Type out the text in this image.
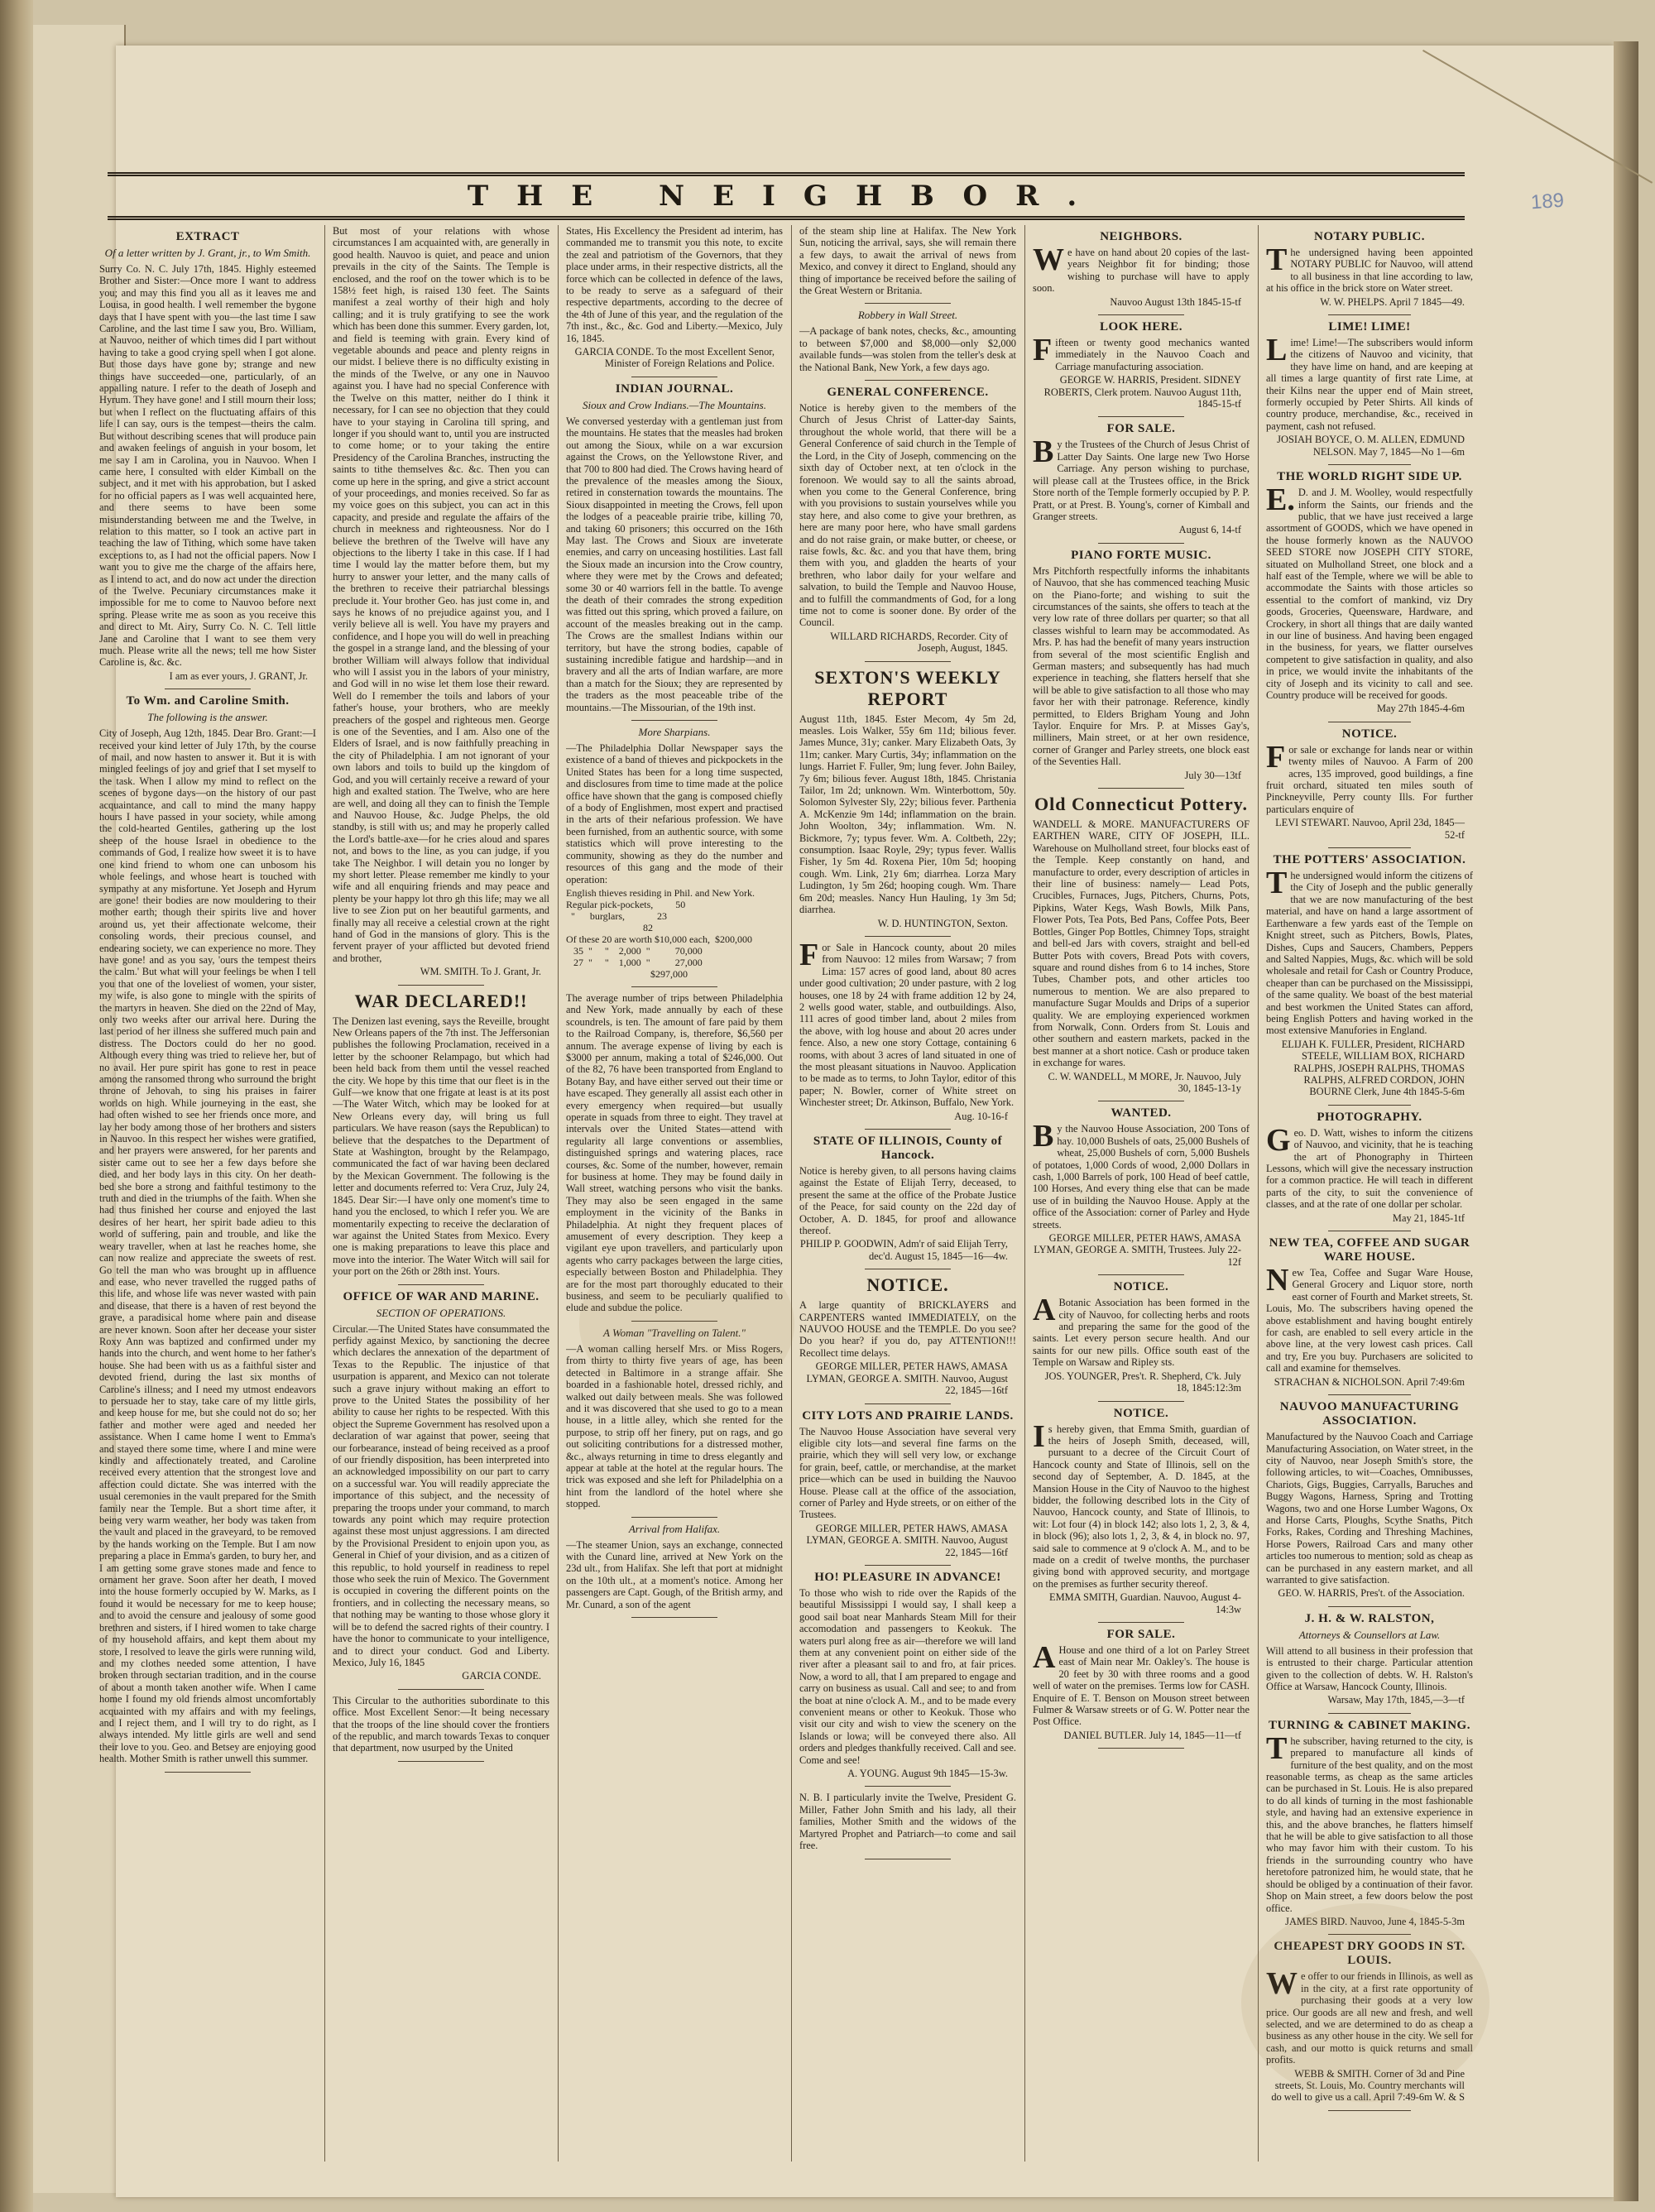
189
THE NEIGHBOR.
EXTRACT
Of a letter written by J. Grant, jr., to Wm Smith.

Surry Co. N. C. July 17th, 1845. Highly esteemed Brother and Sister:—Once more I want to address you; and may this find you all as it leaves me and Louisa, in good health. I well remember the bygone days that I have spent with you—the last time I saw Caroline, and the last time I saw you, Bro. William, at Nauvoo, neither of which times did I part without having to take a good crying spell when I got alone. But those days have gone by; strange and new things have succeeded—one, particularly, of an appalling nature. I refer to the death of Joseph and Hyrum. They have gone! and I still mourn their loss; but when I reflect on the fluctuating affairs of this life I can say, ours is the tempest—theirs the calm. But without describing scenes that will produce pain and awaken feelings of anguish in your bosom, let me say I am in Carolina, you in Nauvoo. When I came here, I consulted with elder Kimball on the subject, and it met with his approbation, but I asked for no official papers as I was well acquainted here, and there seems to have been some misunderstanding between me and the Twelve, in relation to this matter, so I took an active part in teaching the law of Tithing, which some have taken exceptions to, as I had not the official papers. Now I want you to give me the charge of the affairs here, as I intend to act, and do now act under the direction of the Twelve. Pecuniary circumstances make it impossible for me to come to Nauvoo before next spring. Please write me as soon as you receive this and direct to Mt. Airy, Surry Co. N. C. Tell little Jane and Caroline that I want to see them very much. Please write all the news; tell me how Sister Caroline is, &c. &c.

I am as ever yours, J. GRANT, Jr.
To Wm. and Caroline Smith.
The following is the answer.

City of Joseph, Aug 12th, 1845. Dear Bro. Grant:—I received your kind letter of July 17th, by the course of mail, and now hasten to answer it. But it is with mingled feelings of joy and grief that I set myself to the task. When I allow my mind to reflect on the scenes of bygone days—on the history of our past acquaintance, and call to mind the many happy hours I have passed in your society, while among the cold-hearted Gentiles, gathering up the lost sheep of the house Israel in obedience to the commands of God, I realize how sweet it is to have one kind friend to whom one can unbosom his whole feelings, and whose heart is touched with sympathy at any misfortune. Yet Joseph and Hyrum are gone! their bodies are now mouldering to their mother earth; though their spirits live and hover around us, yet their affectionate welcome, their consoling words, their precious counsel, and endearing society, we can experience no more. They have gone! and as you say, 'ours the tempest theirs the calm.' But what will your feelings be when I tell you that one of the loveliest of women, your sister, my wife, is also gone to mingle with the spirits of the martyrs in heaven. She died on the 22nd of May, only two weeks after our arrival here. During the last period of her illness she suffered much pain and distress. The Doctors could do her no good. Although every thing was tried to relieve her, but of no avail. Her pure spirit has gone to rest in peace among the ransomed throng who surround the bright throne of Jehovah, to sing his praises in fairer worlds on high. While journeying in the east, she had often wished to see her friends once more, and lay her body among those of her brothers and sisters in Nauvoo. In this respect her wishes were gratified, and her prayers were answered, for her parents and sister came out to see her a few days before she died, and her body lays in this city. On her death-bed she bore a strong and faithful testimony to the truth and died in the triumphs of the faith. When she had thus finished her course and enjoyed the last desires of her heart, her spirit bade adieu to this world of suffering, pain and trouble, and like the weary traveller, when at last he reaches home, she can now realize and appreciate the sweets of rest. Go tell the man who was brought up in affluence and ease, who never travelled the rugged paths of this life, and whose life was never wasted with pain and disease, that there is a haven of rest beyond the grave, a paradisical home where pain and disease are never known. Soon after her decease your sister Roxy Ann was baptized and confirmed under my hands into the church, and went home to her father's house. She had been with us as a faithful sister and devoted friend, during the last six months of Caroline's illness; and I need my utmost endeavors to persuade her to stay, take care of my little girls, and keep house for me, but she could not do so; her father and mother were aged and needed her assistance. When I came home I went to Emma's and stayed there some time, where I and mine were kindly and affectionately treated, and Caroline received every attention that the strongest love and affection could dictate. She was interred with the usual ceremonies in the vault prepared for the Smith family near the Temple. But a short time after, it being very warm weather, her body was taken from the vault and placed in the graveyard, to be removed by the hands working on the Temple. But I am now preparing a place in Emma's garden, to bury her, and I am getting some grave stones made and fence to ornament her grave. Soon after her death, I moved into the house formerly occupied by W. Marks, as I found it would be necessary for me to keep house; and to avoid the censure and jealousy of some good brethren and sisters, if I hired women to take charge of my household affairs, and kept them about my store, I resolved to leave the girls were running wild, and my clothes needed some attention, I have broken through sectarian tradition, and in the course of about a month taken another wife. When I came home I found my old friends almost uncomfortably acquainted with my affairs and with my feelings, and I reject them, and I will try to do right, as I always intended. My little girls are well and send their love to you. Geo. and Betsey are enjoying good health. Mother Smith is rather unwell this summer.

But most of your relations with whose circumstances I am acquainted with, are generally in good health. Nauvoo is quiet, and peace and union prevails in the city of the Saints. The Temple is enclosed, and the roof on the tower which is to be 158½ feet high, is raised 130 feet. The Saints manifest a zeal worthy of their high and holy calling; and it is truly gratifying to see the work which has been done this summer. Every garden, lot, and field is teeming with grain. Every kind of vegetable abounds and peace and plenty reigns in our midst. I believe there is no difficulty existing in the minds of the Twelve, or any one in Nauvoo against you. I have had no special Conference with the Twelve on this matter, neither do I think it necessary, for I can see no objection that they could have to your staying in Carolina till spring, and longer if you should want to, until you are instructed to come home; or to your taking the entire Presidency of the Carolina Branches, instructing the saints to tithe themselves &c. &c. Then you can come up here in the spring, and give a strict account of your proceedings, and monies received. So far as my voice goes on this subject, you can act in this capacity, and preside and regulate the affairs of the church in meekness and righteousness. Nor do I believe the brethren of the Twelve will have any objections to the liberty I take in this case. If I had time I would lay the matter before them, but my hurry to answer your letter, and the many calls of the brethren to receive their patriarchal blessings preclude it. Your brother Geo. has just come in, and says he knows of no prejudice against you, and I verily believe all is well. You have my prayers and confidence, and I hope you will do well in preaching the gospel in a strange land, and the blessing of your brother William will always follow that individual who will I assist you in the labors of your ministry, and God will in no wise let them lose their reward. Well do I remember the toils and labors of your father's house, your brothers, who are meekly preachers of the gospel and righteous men. George is one of the Seventies, and I am. Also one of the Elders of Israel, and is now faithfully preaching in the city of Philadelphia. I am not ignorant of your own labors and toils to build up the kingdom of God, and you will certainly receive a reward of your high and exalted station. The Twelve, who are here are well, and doing all they can to finish the Temple and Nauvoo House, &c. Judge Phelps, the old standby, is still with us; and may he properly called the Lord's battle-axe—for he cries aloud and spares not, and bows to the line, as you can judge, if you take The Neighbor. I will detain you no longer by my short letter. Please remember me kindly to your wife and all enquiring friends and may peace and plenty be your happy lot thro gh this life; may we all live to see Zion put on her beautiful garments, and finally may all receive a celestial crown at the right hand of God in the mansions of glory. This is the fervent prayer of your afflicted but devoted friend and brother,

WM. SMITH. To J. Grant, Jr.
WAR DECLARED!!

The Denizen last evening, says the Reveille, brought New Orleans papers of the 7th inst. The Jeffersonian publishes the following Proclamation, received in a letter by the schooner Relampago, but which had been held back from them until the vessel reached the city. We hope by this time that our fleet is in the Gulf—we know that one frigate at least is at its post—The Water Witch, which may be looked for at New Orleans every day, will bring us full particulars. We have reason (says the Republican) to believe that the despatches to the Department of State at Washington, brought by the Relampago, communicated the fact of war having been declared by the Mexican Government. The following is the letter and documents referred to: Vera Cruz, July 24, 1845. Dear Sir:—I have only one moment's time to hand you the enclosed, to which I refer you. We are momentarily expecting to receive the declaration of war against the United States from Mexico. Every one is making preparations to leave this place and move into the interior. The Water Witch will sail for your port on the 26th or 28th inst. Yours.

OFFICE OF WAR AND MARINE.
SECTION OF OPERATIONS.

Circular.—The United States have consummated the perfidy against Mexico, by sanctioning the decree which declares the annexation of the department of Texas to the Republic. The injustice of that usurpation is apparent, and Mexico can not tolerate such a grave injury without making an effort to prove to the United States the possibility of her ability to cause her rights to be respected. With this object the Supreme Government has resolved upon a declaration of war against that power, seeing that our forbearance, instead of being received as a proof of our friendly disposition, has been interpreted into an acknowledged impossibility on our part to carry on a successful war. You will readily appreciate the importance of this subject, and the necessity of preparing the troops under your command, to march towards any point which may require protection against these most unjust aggressions. I am directed by the Provisional President to enjoin upon you, as General in Chief of your division, and as a citizen of this republic, to hold yourself in readiness to repel those who seek the ruin of Mexico. The Government is occupied in covering the different points on the frontiers, and in collecting the necessary means, so that nothing may be wanting to those whose glory it will be to defend the sacred rights of their country. I have the honor to communicate to your intelligence, and to direct your conduct. God and Liberty. Mexico, July 16, 1845

GARCIA CONDE.

This Circular to the authorities subordinate to this office. Most Excellent Senor:—It being necessary that the troops of the line should cover the frontiers of the republic, and march towards Texas to conquer that department, now usurped by the United

States, His Excellency the President ad interim, has commanded me to transmit you this note, to excite the zeal and patriotism of the Governors, that they place under arms, in their respective districts, all the force which can be collected in defence of the laws, to be ready to serve as a safeguard of their respective departments, according to the decree of the 4th of June of this year, and the regulation of the 7th inst., &c., &c. God and Liberty.—Mexico, July 16, 1845.

GARCIA CONDE. To the most Excellent Senor, Minister of Foreign Relations and Police.
INDIAN JOURNAL.
Sioux and Crow Indians.—The Mountains.

We conversed yesterday with a gentleman just from the mountains. He states that the measles had broken out among the Sioux, while on a war excursion against the Crows, on the Yellowstone River, and that 700 to 800 had died. The Crows having heard of the prevalence of the measles among the Sioux, retired in consternation towards the mountains. The Sioux disappointed in meeting the Crows, fell upon the lodges of a peaceable prairie tribe, killing 70, and taking 60 prisoners; this occurred on the 16th May last. The Crows and Sioux are inveterate enemies, and carry on unceasing hostilities. Last fall the Sioux made an incursion into the Crow country, where they were met by the Crows and defeated; some 30 or 40 warriors fell in the battle. To avenge the death of their comrades the strong expedition was fitted out this spring, which proved a failure, on account of the measles breaking out in the camp. The Crows are the smallest Indians within our territory, but have the strong bodies, capable of sustaining incredible fatigue and hardship—and in bravery and all the arts of Indian warfare, are more than a match for the Sioux; they are represented by the traders as the most peaceable tribe of the mountains.—The Missourian, of the 19th inst.

More Sharpians.

—The Philadelphia Dollar Newspaper says the existence of a band of thieves and pickpockets in the United States has been for a long time suspected, and disclosures from time to time made at the police office have shown that the gang is composed chiefly of a body of Englishmen, most expert and practised in the arts of their nefarious profession. We have been furnished, from an authentic source, with some statistics which will prove interesting to the community, showing as they do the number and resources of this gang and the mode of their operation:

English thieves residing in Phil. and New York.
Regular pick-pockets,         50
"      burglars,             23
82
Of these 20 are worth $10,000 each,  $200,000
35  "     "    2,000  "          70,000
27  "     "    1,000  "          27,000
$297,000

The average number of trips between Philadelphia and New York, made annually by each of these scoundrels, is ten. The amount of fare paid by them to the Railroad Company, is, therefore, $6,560 per annum. The average expense of living by each is $3000 per annum, making a total of $246,000. Out of the 82, 76 have been transported from England to Botany Bay, and have either served out their time or have escaped. They generally all assist each other in every emergency when required—but usually operate in squads from three to eight. They travel at intervals over the United States—attend with regularity all large conventions or assemblies, distinguished springs and watering places, race courses, &c. Some of the number, however, remain for business at home. They may be found daily in Wall street, watching persons who visit the banks. They may also be seen engaged in the same employment in the vicinity of the Banks in Philadelphia. At night they frequent places of amusement of every description. They keep a vigilant eye upon travellers, and particularly upon agents who carry packages between the large cities, especially between Boston and Philadelphia. They are for the most part thoroughly educated to their business, and seem to be peculiarly qualified to elude and subdue the police.

A Woman "Travelling on Talent."

—A woman calling herself Mrs. or Miss Rogers, from thirty to thirty five years of age, has been detected in Baltimore in a strange affair. She boarded in a fashionable hotel, dressed richly, and walked out daily between meals. She was followed and it was discovered that she used to go to a mean house, in a little alley, which she rented for the purpose, to strip off her finery, put on rags, and go out soliciting contributions for a distressed mother, &c., always returning in time to dress elegantly and appear at table at the hotel at the regular hours. The trick was exposed and she left for Philadelphia on a hint from the landlord of the hotel where she stopped.

Arrival from Halifax.

—The steamer Union, says an exchange, connected with the Cunard line, arrived at New York on the 23d ult., from Halifax. She left that port at midnight on the 10th ult., at a moment's notice. Among her passengers are Capt. Gough, of the British army, and Mr. Cunard, a son of the agent

of the steam ship line at Halifax. The New York Sun, noticing the arrival, says, she will remain there a few days, to await the arrival of news from Mexico, and convey it direct to England, should any thing of importance be received before the sailing of the Great Western or Britania.

Robbery in Wall Street.

—A package of bank notes, checks, &c., amounting to between $7,000 and $8,000—only $2,000 available funds—was stolen from the teller's desk at the National Bank, New York, a few days ago.

GENERAL CONFERENCE.

Notice is hereby given to the members of the Church of Jesus Christ of Latter-day Saints, throughout the whole world, that there will be a General Conference of said church in the Temple of the Lord, in the City of Joseph, commencing on the sixth day of October next, at ten o'clock in the forenoon. We would say to all the saints abroad, when you come to the General Conference, bring with you provisions to sustain yourselves while you stay here, and also come to give your brethren, as here are many poor here, who have small gardens and do not raise grain, or make butter, or cheese, or raise fowls, &c. &c. and you that have them, bring them with you, and gladden the hearts of your brethren, who labor daily for your welfare and salvation, to build the Temple and Nauvoo House, and to fulfill the commandments of God, for a long time not to come is sooner done. By order of the Council.

WILLARD RICHARDS, Recorder. City of Joseph, August, 1845.
SEXTON'S WEEKLY REPORT

August 11th, 1845. Ester Mecom, 4y 5m 2d, measles. Lois Walker, 55y 6m 11d; bilious fever. James Munce, 31y; canker. Mary Elizabeth Oats, 3y 11m; canker. Mary Curtis, 34y; inflammation on the lungs. Harriet F. Fuller, 9m; lung fever. John Bailey, 7y 6m; bilious fever. August 18th, 1845. Christania Tailor, 1m 2d; unknown. Wm. Winterbottom, 50y. Solomon Sylvester Sly, 22y; bilious fever. Parthenia A. McKenzie 9m 14d; inflammation on the brain. John Woolton, 34y; inflammation. Wm. N. Bickmore, 7y; typus fever. Wm. A. Coltbeth, 22y; consumption. Isaac Royle, 29y; typus fever. Wallis Fisher, 1y 5m 4d. Roxena Pier, 10m 5d; hooping cough. Wm. Link, 21y 6m; diarrhea. Lorza Mary Ludington, 1y 5m 26d; hooping cough. Wm. Thare 6m 20d; measles. Nancy Hun Hauling, 1y 3m 5d; diarrhea.

W. D. HUNTINGTON, Sexton.

For Sale in Hancock county, about 20 miles from Nauvoo: 12 miles from Warsaw; 7 from Lima: 157 acres of good land, about 80 acres under good cultivation; 20 under pasture, with 2 log houses, one 18 by 24 with frame addition 12 by 24, 2 wells good water, stable, and outbuildings. Also, 111 acres of good timber land, about 2 miles from the above, with log house and about 20 acres under fence. Also, a new one story Cottage, containing 6 rooms, with about 3 acres of land situated in one of the most pleasant situations in Nauvoo. Application to be made as to terms, to John Taylor, editor of this paper; N. Bowler, corner of White street on Winchester street; Dr. Atkinson, Buffalo, New York.

Aug. 10-16-f
STATE OF ILLINOIS, County of Hancock.

Notice is hereby given, to all persons having claims against the Estate of Elijah Terry, deceased, to present the same at the office of the Probate Justice of the Peace, for said county on the 22d day of October, A. D. 1845, for proof and allowance thereof.

PHILIP P. GOODWIN, Adm'r of said Elijah Terry, dec'd. August 15, 1845—16—4w.
NOTICE.

A large quantity of BRICKLAYERS and CARPENTERS wanted IMMEDIATELY, on the NAUVOO HOUSE and the TEMPLE. Do you see? Do you hear? if you do, pay ATTENTION!!! Recollect time delays.

GEORGE MILLER, PETER HAWS, AMASA LYMAN, GEORGE A. SMITH. Nauvoo, August 22, 1845—16tf
CITY LOTS AND PRAIRIE LANDS.

The Nauvoo House Association have several very eligible city lots—and several fine farms on the prairie, which they will sell very low, or exchange for grain, beef, cattle, or merchandise, at the market price—which can be used in building the Nauvoo House. Please call at the office of the association, corner of Parley and Hyde streets, or on either of the Trustees.

GEORGE MILLER, PETER HAWS, AMASA LYMAN, GEORGE A. SMITH. Nauvoo, August 22, 1845—16tf
HO! PLEASURE IN ADVANCE!

To those who wish to ride over the Rapids of the beautiful Mississippi I would say, I shall keep a good sail boat near Manhards Steam Mill for their accomodation and passengers to Keokuk. The waters purl along free as air—therefore we will land them at any convenient point on either side of the river after a pleasant sail to and fro, at fair prices. Now, a word to all, that I am prepared to engage and carry on business as usual. Call and see; to and from the boat at nine o'clock A. M., and to be made every convenient means or other to Keokuk. Those who visit our city and wish to view the scenery on the Islands or lowa; will be conveyed there also. All orders and pledges thankfully received. Call and see. Come and see!

A. YOUNG. August 9th 1845—15-3w.

N. B. I particularly invite the Twelve, President G. Miller, Father John Smith and his lady, all their families, Mother Smith and the widows of the Martyred Prophet and Patriarch—to come and sail free.

NEIGHBORS.

We have on hand about 20 copies of the last-years Neighbor fit for binding; those wishing to purchase will have to apply soon.

Nauvoo August 13th 1845-15-tf
LOOK HERE.

Fifteen or twenty good mechanics wanted immediately in the Nauvoo Coach and Carriage manufacturing association.

GEORGE W. HARRIS, President. SIDNEY ROBERTS, Clerk protem. Nauvoo August 11th, 1845-15-tf
FOR SALE.

By the Trustees of the Church of Jesus Christ of Latter Day Saints. One large new Two Horse Carriage. Any person wishing to purchase, will please call at the Trustees office, in the Brick Store north of the Temple formerly occupied by P. P. Pratt, or at Prest. B. Young's, corner of Kimball and Granger streets.

August 6, 14-tf
PIANO FORTE MUSIC.

Mrs Pitchforth respectfully informs the inhabitants of Nauvoo, that she has commenced teaching Music on the Piano-forte; and wishing to suit the circumstances of the saints, she offers to teach at the very low rate of three dollars per quarter; so that all classes wishful to learn may be accommodated. As Mrs. P. has had the benefit of many years instruction from several of the most scientific English and German masters; and subsequently has had much experience in teaching, she flatters herself that she will be able to give satisfaction to all those who may favor her with their patronage. Reference, kindly permitted, to Elders Brigham Young and John Taylor. Enquire for Mrs. P. at Misses Gay's, milliners, Main street, or at her own residence, corner of Granger and Parley streets, one block east of the Seventies Hall.

July 30—13tf
Old Connecticut Pottery.

WANDELL & MORE. MANUFACTURERS OF EARTHEN WARE, CITY OF JOSEPH, ILL. Warehouse on Mulholland street, four blocks east of the Temple. Keep constantly on hand, and manufacture to order, every description of articles in their line of business: namely— Lead Pots, Crucibles, Furnaces, Jugs, Pitchers, Churns, Pots, Pipkins, Water Kegs, Wash Bowls, Milk Pans, Flower Pots, Tea Pots, Bed Pans, Coffee Pots, Beer Bottles, Ginger Pop Bottles, Chimney Tops, straight and bell-ed Jars with covers, straight and bell-ed Butter Pots with covers, Bread Pots with covers, square and round dishes from 6 to 14 inches, Store Tubes, Chamber pots, and other articles too numerous to mention. We are also prepared to manufacture Sugar Moulds and Drips of a superior quality. We are employing experienced workmen from Norwalk, Conn. Orders from St. Louis and other southern and eastern markets, packed in the best manner at a short notice. Cash or produce taken in exchange for wares.

C. W. WANDELL, M MORE, Jr. Nauvoo, July 30, 1845-13-1y
WANTED.

By the Nauvoo House Association, 200 Tons of hay. 10,000 Bushels of oats, 25,000 Bushels of wheat, 25,000 Bushels of corn, 5,000 Bushels of potatoes, 1,000 Cords of wood, 2,000 Dollars in cash, 1,000 Barrels of pork, 100 Head of beef cattle, 100 Horses, And every thing else that can be made use of in building the Nauvoo House. Apply at the office of the Association: corner of Parley and Hyde streets.

GEORGE MILLER, PETER HAWS, AMASA LYMAN, GEORGE A. SMITH, Trustees. July 22-12f
NOTICE.

ABotanic Association has been formed in the city of Nauvoo, for collecting herbs and roots and preparing the same for the good of the saints. Let every person secure health. And our saints for our new pills. Office south east of the Temple on Warsaw and Ripley sts.

JOS. YOUNGER, Pres't. R. Shepherd, C'k. July 18, 1845:12:3m
NOTICE.

Is hereby given, that Emma Smith, guardian of the heirs of Joseph Smith, deceased, will, pursuant to a decree of the Circuit Court of Hancock county and State of Illinois, sell on the second day of September, A. D. 1845, at the Mansion House in the City of Nauvoo to the highest bidder, the following described lots in the City of Nauvoo, Hancock county, and State of Illinois, to wit: Lot four (4) in block 142; also lots 1, 2, 3, & 4, in block (96); also lots 1, 2, 3, & 4, in block no. 97, said sale to commence at 9 o'clock A. M., and to be made on a credit of twelve months, the purchaser giving bond with approved security, and mortgage on the premises as further security thereof.

EMMA SMITH, Guardian. Nauvoo, August 4-14:3w
FOR SALE.

AHouse and one third of a lot on Parley Street east of Main near Mr. Oakley's. The house is 20 feet by 30 with three rooms and a good well of water on the premises. Terms low for CASH. Enquire of E. T. Benson on Mouson street between Fulmer & Warsaw streets or of G. W. Potter near the Post Office.

DANIEL BUTLER. July 14, 1845—11—tf
NOTARY PUBLIC.

The undersigned having been appointed NOTARY PUBLIC for Nauvoo, will attend to all business in that line according to law, at his office in the brick store on Water street.

W. W. PHELPS. April 7 1845—49.
LIME! LIME!

Lime! Lime!—The subscribers would inform the citizens of Nauvoo and vicinity, that they have lime on hand, and are keeping at all times a large quantity of first rate Lime, at their Kilns near the upper end of Main street, formerly occupied by Peter Shirts. All kinds of country produce, merchandise, &c., received in payment, cash not refused.

JOSIAH BOYCE, O. M. ALLEN, EDMUND NELSON. May 7, 1845—No 1—6m
THE WORLD RIGHT SIDE UP.

E.D. and J. M. Woolley, would respectfully inform the Saints, our friends and the public, that we have just received a large assortment of GOODS, which we have opened in the house formerly known as the NAUVOO SEED STORE now JOSEPH CITY STORE, situated on Mulholland Street, one block and a half east of the Temple, where we will be able to accommodate the Saints with those articles so essential to the comfort of mankind, viz Dry goods, Groceries, Queensware, Hardware, and Crockery, in short all things that are daily wanted in our line of business. And having been engaged in the business, for years, we flatter ourselves competent to give satisfaction in quality, and also in price, we would invite the inhabitants of the city of Joseph and its vicinity to call and see. Country produce will be received for goods.

May 27th 1845-4-6m
NOTICE.

For sale or exchange for lands near or within twenty miles of Nauvoo. A Farm of 200 acres, 135 improved, good buildings, a fine fruit orchard, situated ten miles south of Pinckneyville, Perry county Ills. For further particulars enquire of

LEVI STEWART. Nauvoo, April 23d, 1845—52-tf
THE POTTERS' ASSOCIATION.

The undersigned would inform the citizens of the City of Joseph and the public generally that we are now manufacturing of the best material, and have on hand a large assortment of Earthenware a few yards east of the Temple on Knight street, such as Pitchers, Bowls, Plates, Dishes, Cups and Saucers, Chambers, Peppers and Salted Nappies, Mugs, &c. which will be sold wholesale and retail for Cash or Country Produce, cheaper than can be purchased on the Mississippi, of the same quality. We boast of the best material and best workmen the United States can afford, being English Potters and having worked in the most extensive Manufories in England.

ELIJAH K. FULLER, President, RICHARD STEELE, WILLIAM BOX, RICHARD RALPHS, JOSEPH RALPHS, THOMAS RALPHS, ALFRED CORDON, JOHN BOURNE Clerk, June 4th 1845-5-6m
PHOTOGRAPHY.

Geo. D. Watt, wishes to inform the citizens of Nauvoo, and vicinity, that he is teaching the art of Phonography in Thirteen Lessons, which will give the necessary instruction for a common practice. He will teach in different parts of the city, to suit the convenience of classes, and at the rate of one dollar per scholar.

May 21, 1845-1tf
NEW TEA, COFFEE AND SUGAR WARE HOUSE.

New Tea, Coffee and Sugar Ware House, General Grocery and Liquor store, north east corner of Fourth and Market streets, St. Louis, Mo. The subscribers having opened the above establishment and having bought entirely for cash, are enabled to sell every article in the above line, at the very lowest cash prices. Call and try, Ere you buy. Purchasers are solicited to call and examine for themselves.

STRACHAN & NICHOLSON. April 7:49:6m
NAUVOO MANUFACTURING ASSOCIATION.

Manufactured by the Nauvoo Coach and Carriage Manufacturing Association, on Water street, in the city of Nauvoo, near Joseph Smith's store, the following articles, to wit—Coaches, Omnibusses, Chariots, Gigs, Buggies, Carryalls, Baruches and Buggy Wagons, Harness, Spring and Trotting Wagons, two and one Horse Lumber Wagons, Ox and Horse Carts, Ploughs, Scythe Snaths, Pitch Forks, Rakes, Cording and Threshing Machines, Horse Powers, Railroad Cars and many other articles too numerous to mention; sold as cheap as can be purchased in any eastern market, and all warranted to give satisfaction.

GEO. W. HARRIS, Pres't. of the Association.
J. H. & W. RALSTON,
Attorneys & Counsellors at Law.

Will attend to all business in their profession that is entrusted to their charge. Particular attention given to the collection of debts. W. H. Ralston's Office at Warsaw, Hancock County, Illinois.

Warsaw, May 17th, 1845,—3—tf
TURNING & CABINET MAKING.

The subscriber, having returned to the city, is prepared to manufacture all kinds of furniture of the best quality, and on the most reasonable terms, as cheap as the same articles can be purchased in St. Louis. He is also prepared to do all kinds of turning in the most fashionable style, and having had an extensive experience in this, and the above branches, he flatters himself that he will be able to give satisfaction to all those who may favor him with their custom. To his friends in the surrounding country who have heretofore patronized him, he would state, that he should be obliged by a continuation of their favor. Shop on Main street, a few doors below the post office.

JAMES BIRD. Nauvoo, June 4, 1845-5-3m
CHEAPEST DRY GOODS IN ST. LOUIS.

We offer to our friends in Illinois, as well as in the city, at a first rate opportunity of purchasing their goods at a very low price. Our goods are all new and fresh, and well selected, and we are determined to do as cheap a business as any other house in the city. We sell for cash, and our motto is quick returns and small profits.

WEBB & SMITH. Corner of 3d and Pine streets, St. Louis, Mo. Country merchants will do well to give us a call. April 7:49-6m W. & S
